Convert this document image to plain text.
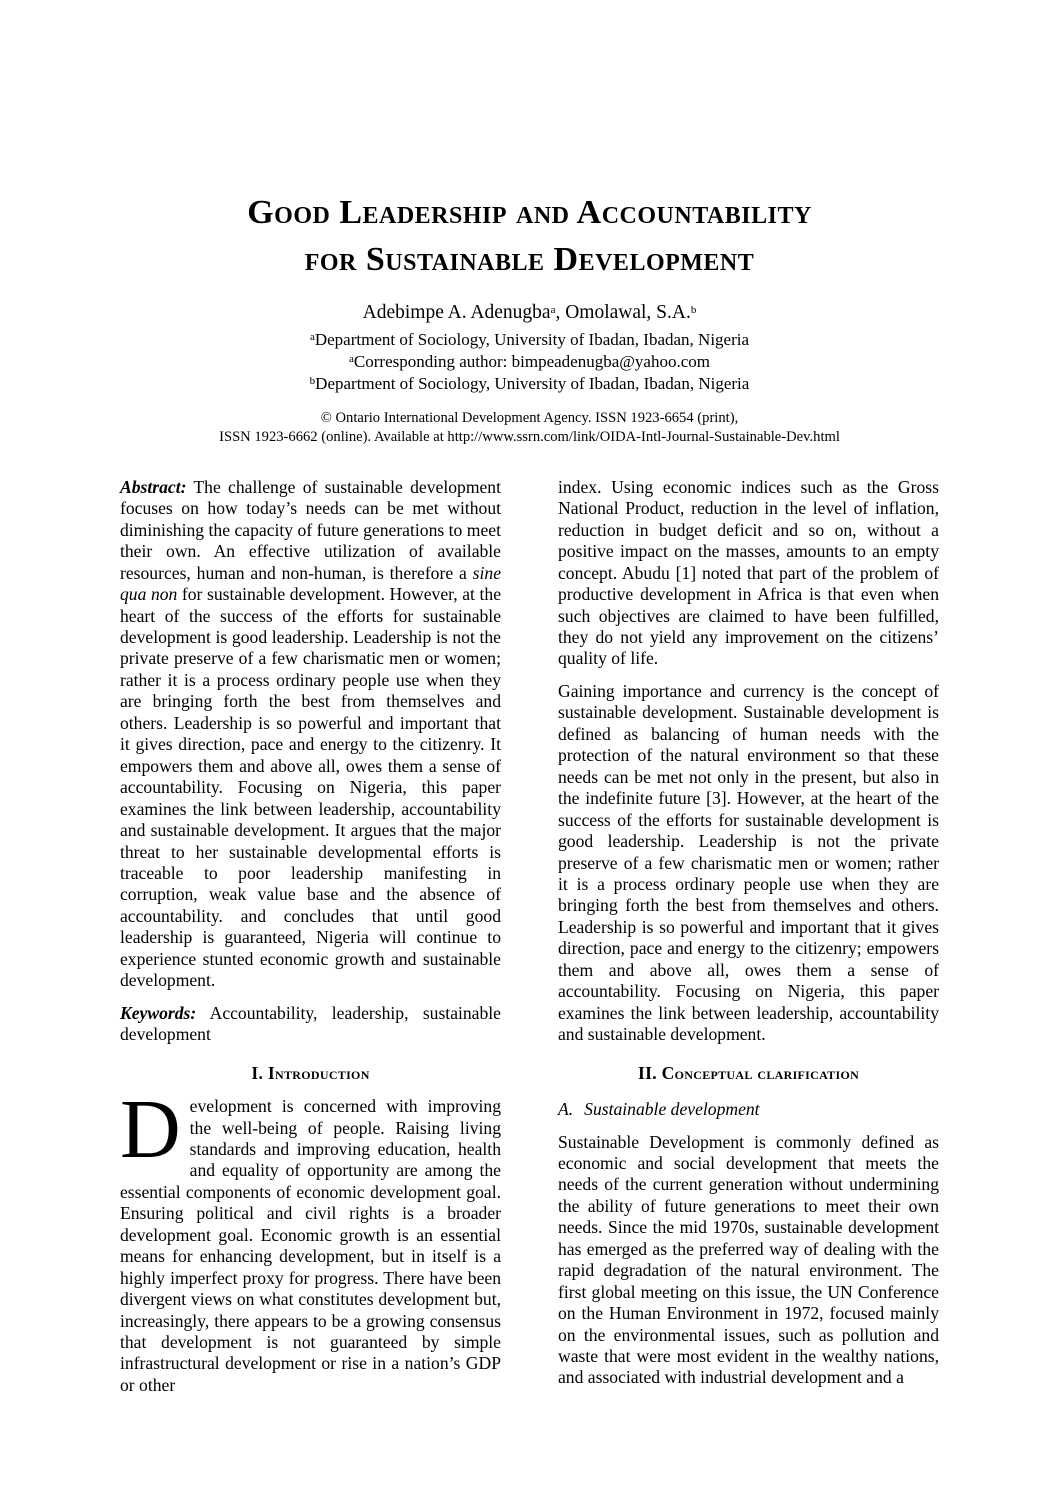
Good Leadership and Accountability
for Sustainable Development
Adebimpe A. Adenugba$^a$, Omolawal, S.A.$^b$
$^a$Department of Sociology, University of Ibadan, Ibadan, Nigeria
$^a$Corresponding author: bimpeadenugba@yahoo.com
$^b$Department of Sociology, University of Ibadan, Ibadan, Nigeria
© Ontario International Development Agency. ISSN 1923-6654 (print),
ISSN 1923-6662 (online). Available at http://www.ssrn.com/link/OIDA-Intl-Journal-Sustainable-Dev.html

Abstract: The challenge of sustainable development focuses on how today’s needs can be met without diminishing the capacity of future generations to meet their own. An effective utilization of available resources, human and non-human, is therefore a sine qua non for sustainable development. However, at the heart of the success of the efforts for sustainable development is good leadership. Leadership is not the private preserve of a few charismatic men or women; rather it is a process ordinary people use when they are bringing forth the best from themselves and others. Leadership is so powerful and important that it gives direction, pace and energy to the citizenry. It empowers them and above all, owes them a sense of accountability. Focusing on Nigeria, this paper examines the link between leadership, accountability and sustainable development. It argues that the major threat to her sustainable developmental efforts is traceable to poor leadership manifesting in corruption, weak value base and the absence of accountability. and concludes that until good leadership is guaranteed, Nigeria will continue to experience stunted economic growth and sustainable development.

Keywords: Accountability, leadership, sustainable development

I. Introduction

Development is concerned with improving the well-being of people. Raising living standards and improving education, health and equality of opportunity are among the essential components of economic development goal. Ensuring political and civil rights is a broader development goal. Economic growth is an essential means for enhancing development, but in itself is a highly imperfect proxy for progress. There have been divergent views on what constitutes development but, increasingly, there appears to be a growing consensus that development is not guaranteed by simple infrastructural development or rise in a nation’s GDP or other

index. Using economic indices such as the Gross National Product, reduction in the level of inflation, reduction in budget deficit and so on, without a positive impact on the masses, amounts to an empty concept. Abudu [1] noted that part of the problem of productive development in Africa is that even when such objectives are claimed to have been fulfilled, they do not yield any improvement on the citizens’ quality of life.

Gaining importance and currency is the concept of sustainable development. Sustainable development is defined as balancing of human needs with the protection of the natural environment so that these needs can be met not only in the present, but also in the indefinite future [3]. However, at the heart of the success of the efforts for sustainable development is good leadership. Leadership is not the private preserve of a few charismatic men or women; rather it is a process ordinary people use when they are bringing forth the best from themselves and others. Leadership is so powerful and important that it gives direction, pace and energy to the citizenry; empowers them and above all, owes them a sense of accountability. Focusing on Nigeria, this paper examines the link between leadership, accountability and sustainable development.

II. Conceptual clarification
A. Sustainable development

Sustainable Development is commonly defined as economic and social development that meets the needs of the current generation without undermining the ability of future generations to meet their own needs. Since the mid 1970s, sustainable development has emerged as the preferred way of dealing with the rapid degradation of the natural environment. The first global meeting on this issue, the UN Conference on the Human Environment in 1972, focused mainly on the environmental issues, such as pollution and waste that were most evident in the wealthy nations, and associated with industrial development and a
